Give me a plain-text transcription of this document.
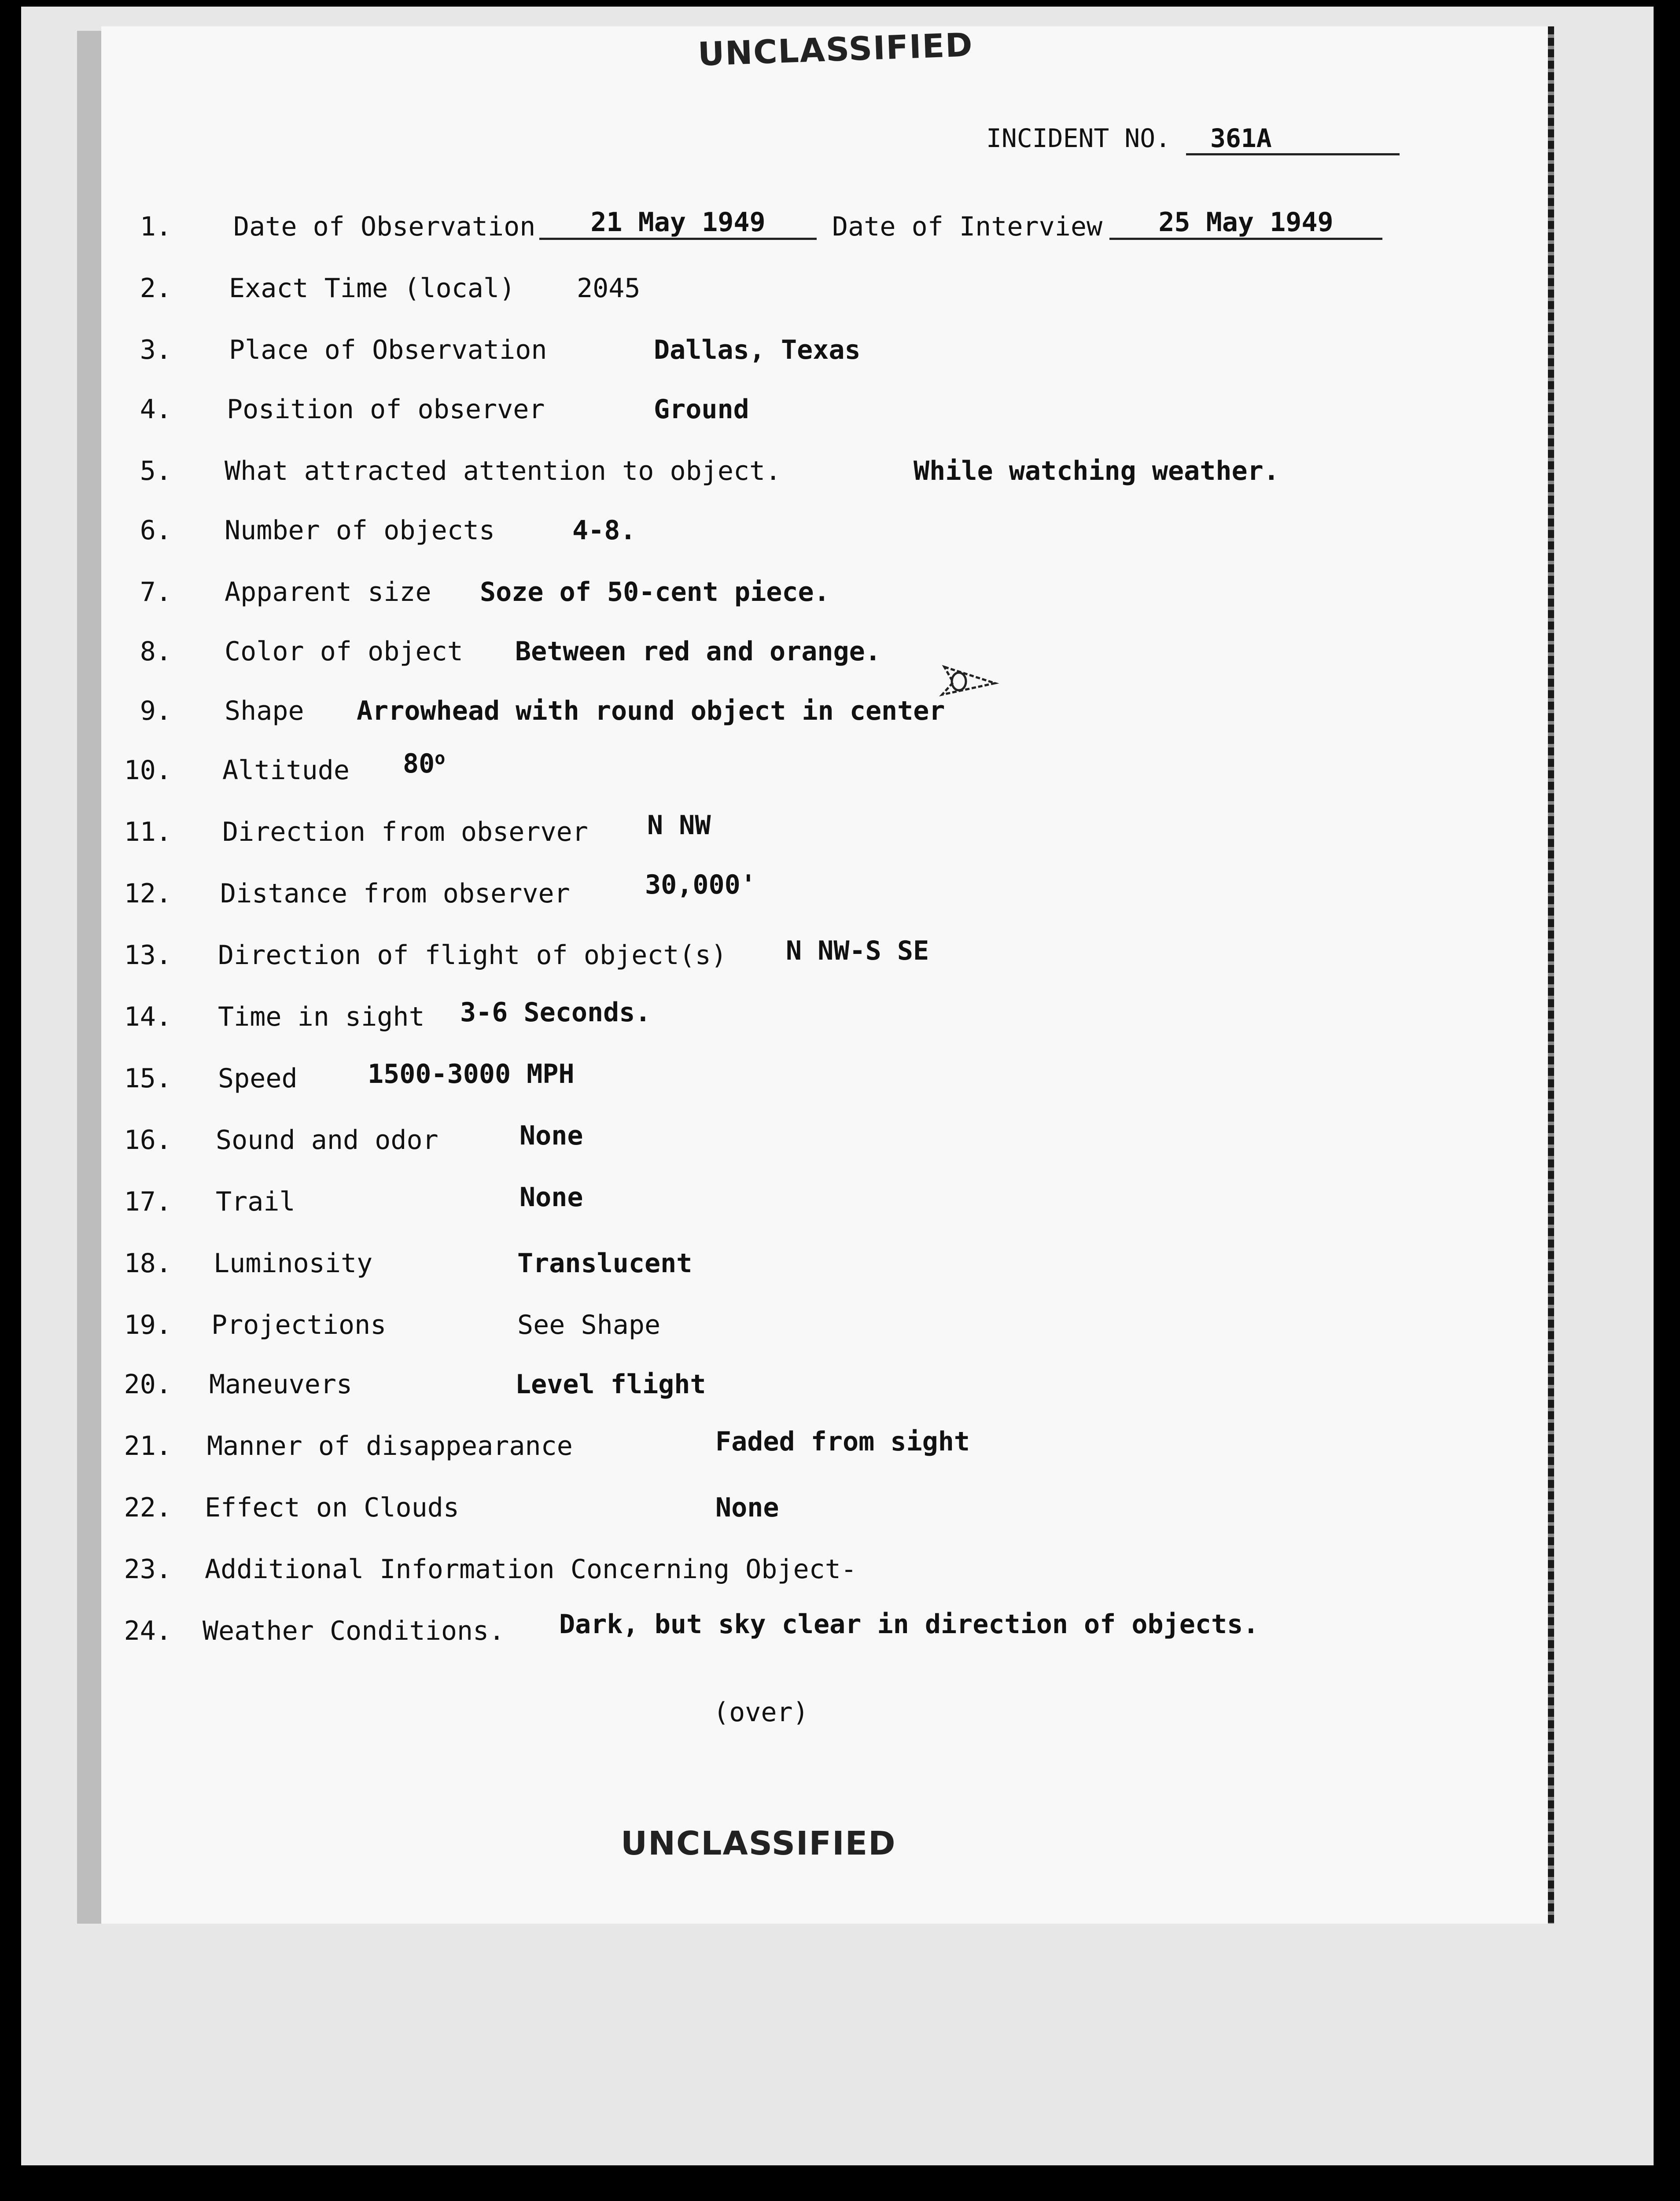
UNCLASSIFIED
INCIDENT NO. 361A
1. Date of Observation	21 May 1949	Date of Interview	25 May 1949
2. Exact Time (local) 2045
3. Place of Observation	Dallas, Texas
4. Position of observer	Ground
5. What attracted attention to object.	While watching weather.
6. Number of objects	4-8.
7. Apparent size Soze of 50-cent piece.
8. Color of object Between red and orange.
9. Shape Arrowhead with round object in center
10. Altitude 80$^o$
11. Direction from observer N NW
12. Distance from observer	30,000'
13. Direction of flight of object(s) N NW-S SE
14. Time in sight 3-6 Seconds.
15. Speed	1500-3000 MPH
16. Sound and odor	None
17. Trail	None
18. Luminosity	Translucent
19. Projections	See Shape
20. Maneuvers	Level flight
21. Manner of disappearance	Faded from sight
22. Effect on Clouds	None
23. Additional Information Concerning Object-
24. Weather Conditions. Dark, but sky clear in direction of objects.
(over)
UNCLASSIFIED
